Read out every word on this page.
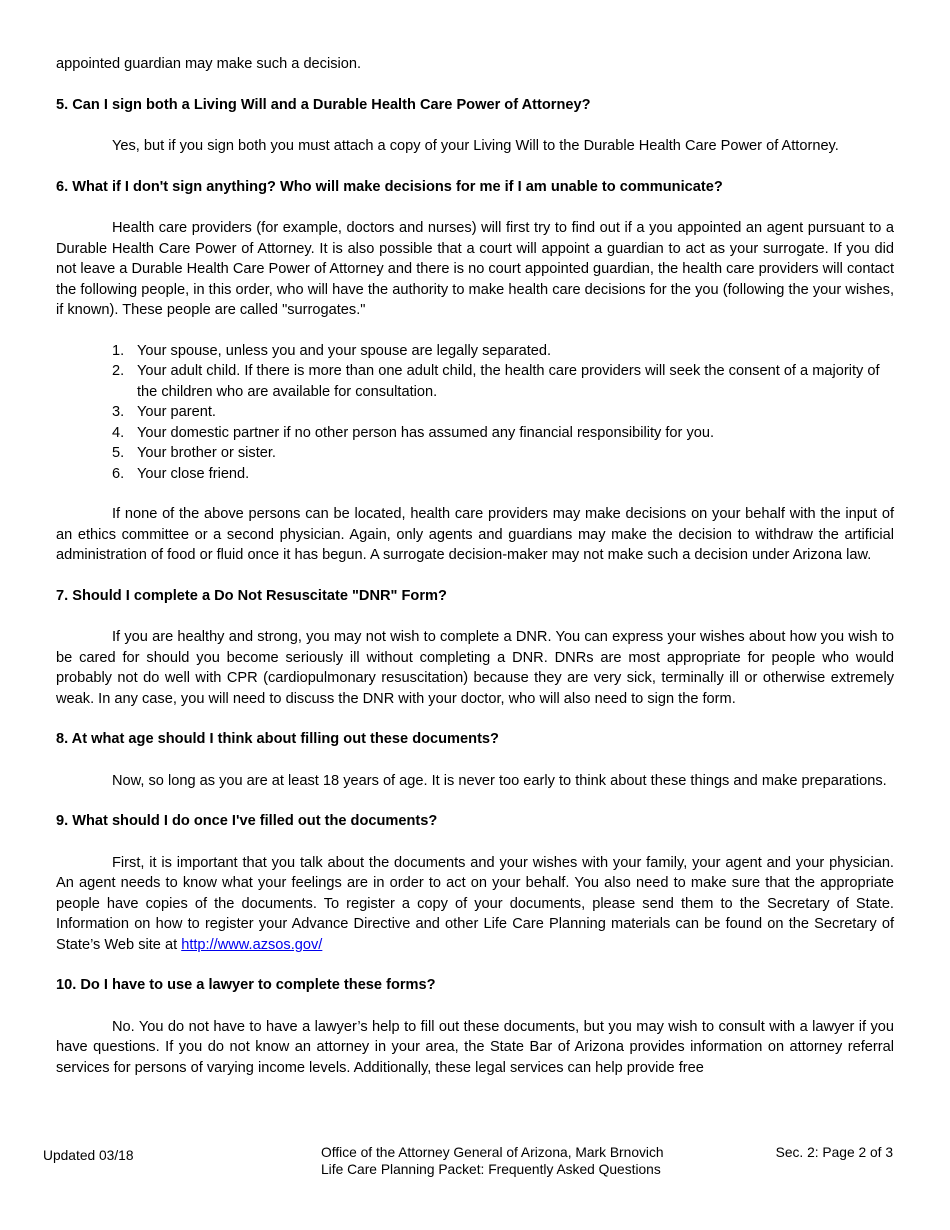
appointed guardian may make such a decision.

5. Can I sign both a Living Will and a Durable Health Care Power of Attorney?

Yes, but if you sign both you must attach a copy of your Living Will to the Durable Health Care Power of Attorney.

6. What if I don't sign anything? Who will make decisions for me if I am unable to communicate?

Health care providers (for example, doctors and nurses) will first try to find out if a you appointed an agent pursuant to a Durable Health Care Power of Attorney. It is also possible that a court will appoint a guardian to act as your surrogate. If you did not leave a Durable Health Care Power of Attorney and there is no court appointed guardian, the health care providers will contact the following people, in this order, who will have the authority to make health care decisions for the you (following the your wishes, if known). These people are called "surrogates."

1. Your spouse, unless you and your spouse are legally separated.
2. Your adult child. If there is more than one adult child, the health care providers will seek the consent of a majority of the children who are available for consultation.
3. Your parent.
4. Your domestic partner if no other person has assumed any financial responsibility for you.
5. Your brother or sister.
6. Your close friend.

If none of the above persons can be located, health care providers may make decisions on your behalf with the input of an ethics committee or a second physician. Again, only agents and guardians may make the decision to withdraw the artificial administration of food or fluid once it has begun. A surrogate decision-maker may not make such a decision under Arizona law.

7. Should I complete a Do Not Resuscitate "DNR" Form?

If you are healthy and strong, you may not wish to complete a DNR. You can express your wishes about how you wish to be cared for should you become seriously ill without completing a DNR. DNRs are most appropriate for people who would probably not do well with CPR (cardiopulmonary resuscitation) because they are very sick, terminally ill or otherwise extremely weak. In any case, you will need to discuss the DNR with your doctor, who will also need to sign the form.

8. At what age should I think about filling out these documents?

Now, so long as you are at least 18 years of age. It is never too early to think about these things and make preparations.

9. What should I do once I've filled out the documents?

First, it is important that you talk about the documents and your wishes with your family, your agent and your physician. An agent needs to know what your feelings are in order to act on your behalf. You also need to make sure that the appropriate people have copies of the documents. To register a copy of your documents, please send them to the Secretary of State. Information on how to register your Advance Directive and other Life Care Planning materials can be found on the Secretary of State’s Web site at http://www.azsos.gov/

10. Do I have to use a lawyer to complete these forms?

No. You do not have to have a lawyer’s help to fill out these documents, but you may wish to consult with a lawyer if you have questions. If you do not know an attorney in your area, the State Bar of Arizona provides information on attorney referral services for persons of varying income levels. Additionally, these legal services can help provide free

Updated 03/18	Office of the Attorney General of Arizona, Mark Brnovich
Life Care Planning Packet: Frequently Asked Questions
Sec. 2: Page 2 of 3
